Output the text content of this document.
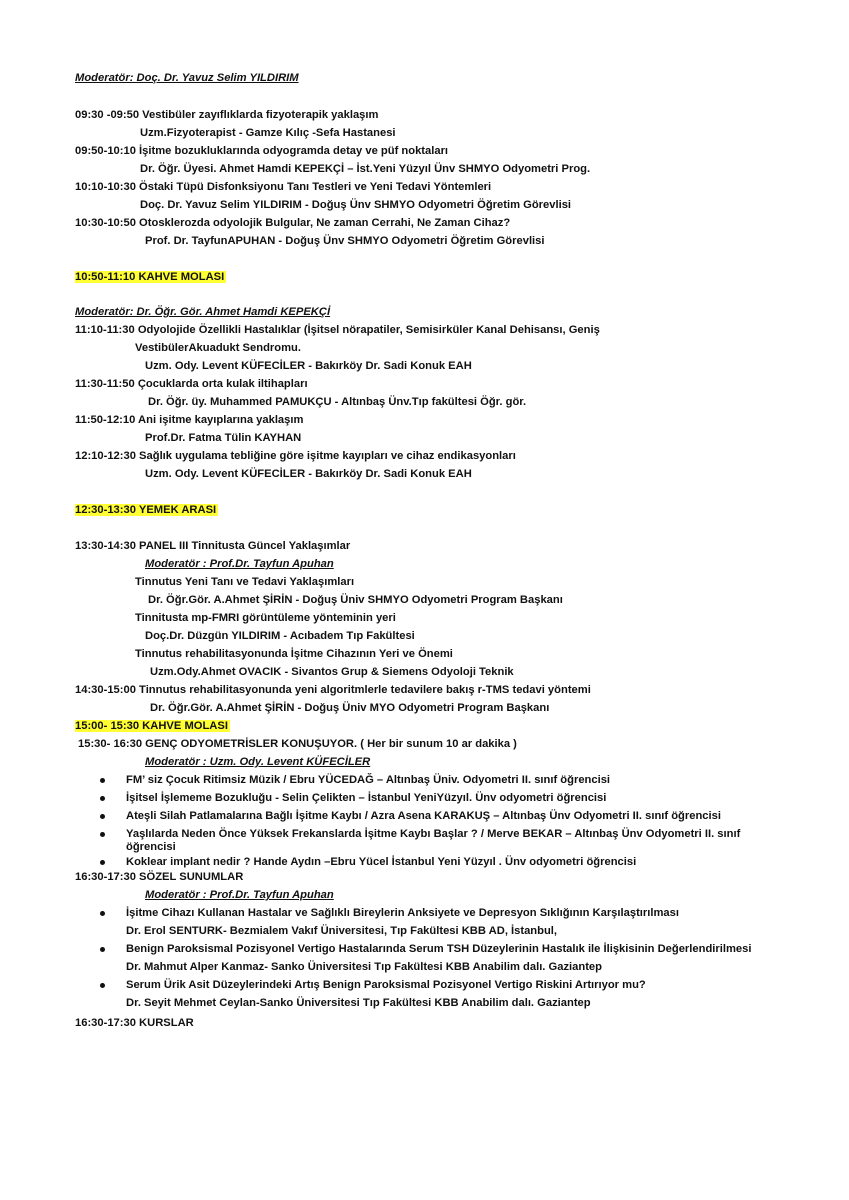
Moderatör: Doç. Dr. Yavuz Selim YILDIRIM
09:30 -09:50 Vestibüler zayıflıklarda fizyoterapik yaklaşım
Uzm.Fizyoterapist - Gamze Kılıç -Sefa Hastanesi
09:50-10:10 İşitme bozukluklarında odyogramda detay ve püf noktaları
Dr. Öğr. Üyesi. Ahmet Hamdi KEPEKÇİ – İst.Yeni Yüzyıl Ünv SHMYO Odyometri Prog.
10:10-10:30 Östaki Tüpü Disfonksiyonu Tanı Testleri ve Yeni Tedavi Yöntemleri
Doç. Dr. Yavuz Selim YILDIRIM - Doğuş Ünv SHMYO Odyometri Öğretim Görevlisi
10:30-10:50 Otosklerozda odyolojik Bulgular, Ne zaman Cerrahi, Ne Zaman Cihaz?
Prof. Dr. TayfunAPUHAN - Doğuş Ünv SHMYO Odyometri Öğretim Görevlisi
10:50-11:10 KAHVE MOLASI
Moderatör: Dr. Öğr. Gör. Ahmet Hamdi KEPEKÇİ
11:10-11:30 Odyolojide Özellikli Hastalıklar (İşitsel nörapatiler, Semisirküler Kanal Dehisansı, Geniş
VestibülerAkuadukt Sendromu.
Uzm. Ody. Levent KÜFECİLER - Bakırköy Dr. Sadi Konuk EAH
11:30-11:50 Çocuklarda orta kulak iltihapları
Dr. Öğr. üy. Muhammed PAMUKÇU - Altınbaş Ünv.Tıp fakültesi Öğr. gör.
11:50-12:10 Ani işitme kayıplarına yaklaşım
Prof.Dr. Fatma Tülin KAYHAN
12:10-12:30 Sağlık uygulama tebliğine göre işitme kayıpları ve cihaz endikasyonları
Uzm. Ody. Levent KÜFECİLER - Bakırköy Dr. Sadi Konuk EAH
12:30-13:30 YEMEK ARASI
13:30-14:30 PANEL III Tinnitusta Güncel Yaklaşımlar
Moderatör : Prof.Dr. Tayfun Apuhan
Tinnutus Yeni Tanı ve Tedavi Yaklaşımları
Dr. Öğr.Gör. A.Ahmet ŞİRİN - Doğuş Üniv SHMYO Odyometri Program Başkanı
Tinnitusta mp-FMRI görüntüleme yönteminin yeri
Doç.Dr. Düzgün YILDIRIM - Acıbadem Tıp Fakültesi
Tinnutus rehabilitasyonunda İşitme Cihazının Yeri ve Önemi
Uzm.Ody.Ahmet OVACIK - Sivantos Grup & Siemens Odyoloji Teknik
14:30-15:00 Tinnutus rehabilitasyonunda yeni algoritmlerle tedavilere bakış r-TMS tedavi yöntemi
Dr. Öğr.Gör. A.Ahmet ŞİRİN - Doğuş Üniv MYO Odyometri Program Başkanı
15:00- 15:30 KAHVE MOLASI
15:30- 16:30 GENÇ ODYOMETRİSLER KONUŞUYOR. ( Her bir sunum 10 ar dakika )
Moderatör : Uzm. Ody. Levent KÜFECİLER
FM’ siz Çocuk Ritimsiz Müzik / Ebru YÜCEDAĞ – Altınbaş Üniv. Odyometri II. sınıf öğrencisi
İşitsel İşlememe Bozukluğu - Selin Çelikten – İstanbul YeniYüzyıl. Ünv odyometri öğrencisi
Ateşli Silah Patlamalarına Bağlı İşitme Kaybı / Azra Asena KARAKUŞ – Altınbaş Ünv Odyometri II. sınıf öğrencisi
Yaşlılarda Neden Önce Yüksek Frekanslarda İşitme Kaybı Başlar ? / Merve BEKAR – Altınbaş Ünv Odyometri II. sınıf
öğrencisi
Koklear implant nedir ? Hande Aydın –Ebru Yücel İstanbul Yeni Yüzyıl . Ünv odyometri öğrencisi
16:30-17:30 SÖZEL SUNUMLAR
Moderatör : Prof.Dr. Tayfun Apuhan
İşitme Cihazı Kullanan Hastalar ve Sağlıklı Bireylerin Anksiyete ve Depresyon Sıklığının Karşılaştırılması
Dr. Erol SENTURK- Bezmialem Vakıf Üniversitesi, Tıp Fakültesi KBB AD, İstanbul,
Benign Paroksismal Pozisyonel Vertigo Hastalarında Serum TSH Düzeylerinin Hastalık ile İlişkisinin Değerlendirilmesi
Dr. Mahmut Alper Kanmaz- Sanko Üniversitesi Tıp Fakültesi KBB Anabilim dalı. Gaziantep
Serum Ürik Asit Düzeylerindeki Artış Benign Paroksismal Pozisyonel Vertigo Riskini Artırıyor mu?
Dr. Seyit Mehmet Ceylan-Sanko Üniversitesi Tıp Fakültesi KBB Anabilim dalı. Gaziantep
16:30-17:30 KURSLAR
